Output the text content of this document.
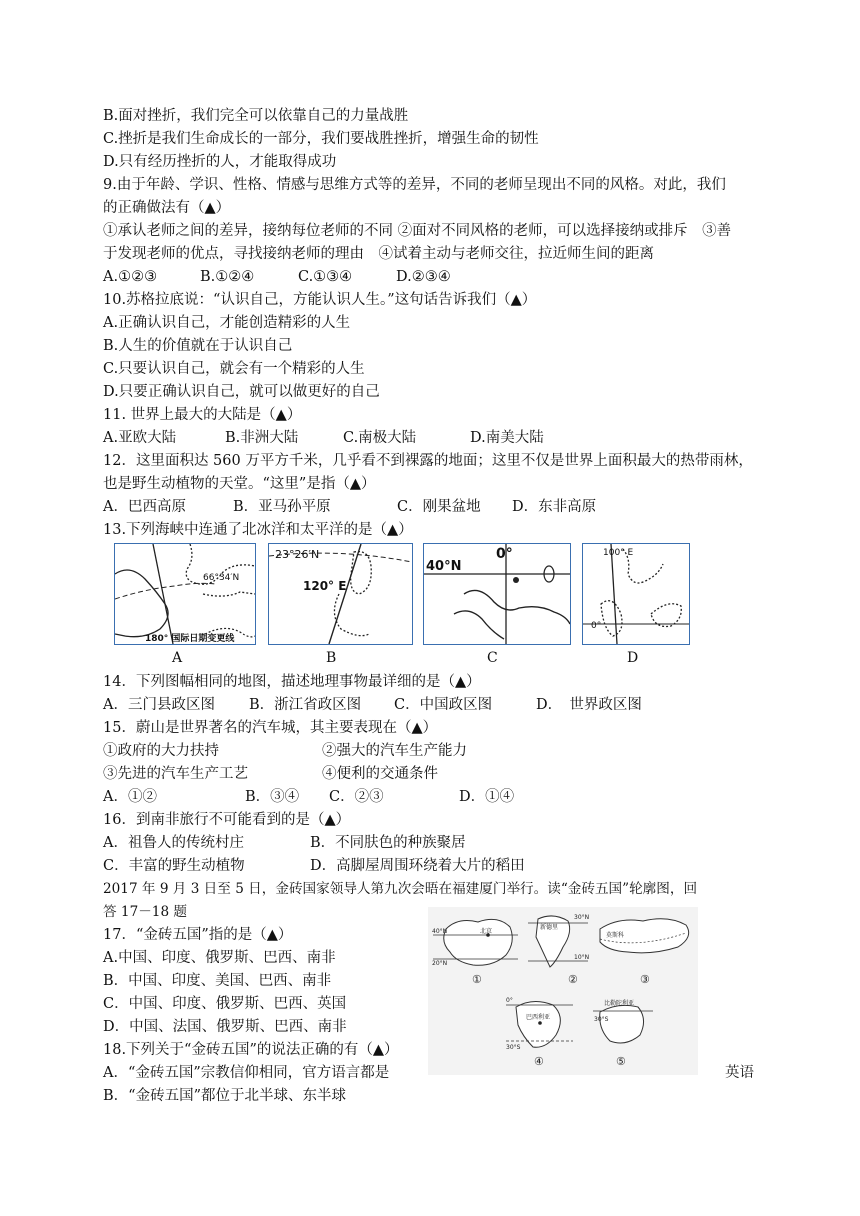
B.面对挫折，我们完全可以依靠自己的力量战胜
C.挫折是我们生命成长的一部分，我们要战胜挫折，增强生命的韧性
D.只有经历挫折的人，才能取得成功
9.由于年龄、学识、性格、情感与思维方式等的差异，不同的老师呈现出不同的风格。对此，我们
的正确做法有（▲）
①承认老师之间的差异，接纳每位老师的不同 ②面对不同风格的老师，可以选择接纳或排斥　③善
于发现老师的优点，寻找接纳老师的理由　④试着主动与老师交往，拉近师生间的距离
A.①②③	B.①②④	C.①③④	D.②③④
10.苏格拉底说：“认识自己，方能认识人生。”这句话告诉我们（▲）
A.正确认识自己，才能创造精彩的人生
B.人生的价值就在于认识自己
C.只要认识自己，就会有一个精彩的人生
D.只要正确认识自己，就可以做更好的自己
11. 世界上最大的大陆是（▲）
A.亚欧大陆	B.非洲大陆	C.南极大陆	D.南美大陆
12．这里面积达 560 万平方千米，几乎看不到裸露的地面；这里不仅是世界上面积最大的热带雨林，
也是野生动植物的天堂。“这里”是指（▲）
A．巴西高原	B．亚马孙平原	C．刚果盆地 D．东非高原
13.下列海峡中连通了北冰洋和太平洋的是（▲）
66°34′N
180° 国际日期变更线
23°26′N
120° E
40°N
0°	100° E
0°
A	B	C	D
14．下列图幅相同的地图，描述地理事物最详细的是（▲）
A．三门县政区图 B．浙江省政区图 C．中国政区图	D．　世界政区图
15．蔚山是世界著名的汽车城，其主要表现在（▲）
①政府的大力扶持	②强大的汽车生产能力
③先进的汽车生产工艺	④便利的交通条件
A．①②	B．③④ C．②③	D．①④
16．到南非旅行不可能看到的是（▲）
A．祖鲁人的传统村庄	B．不同肤色的种族聚居
C．丰富的野生动植物	D．高脚屋周围环绕着大片的稻田
2017 年 9 月 3 日至 5 日，金砖国家领导人第九次会晤在福建厦门举行。读“金砖五国”轮廓图，回
答 17－18 题
17．“金砖五国”指的是（▲）
A.中国、印度、俄罗斯、巴西、南非
B．中国、印度、美国、巴西、南非
C．中国、印度、俄罗斯、巴西、英国
D．中国、法国、俄罗斯、巴西、南非
18.下列关于“金砖五国”的说法正确的有（▲）
A．“金砖五国”宗教信仰相同，官方语言都是	英语
B．“金砖五国”都位于北半球、东半球
北京
40°N
20°N
①
30°N
10°N
新德里
②
莫斯科
③
巴西利亚
0°
30°S
④
比勒陀利亚
30°S
⑤
